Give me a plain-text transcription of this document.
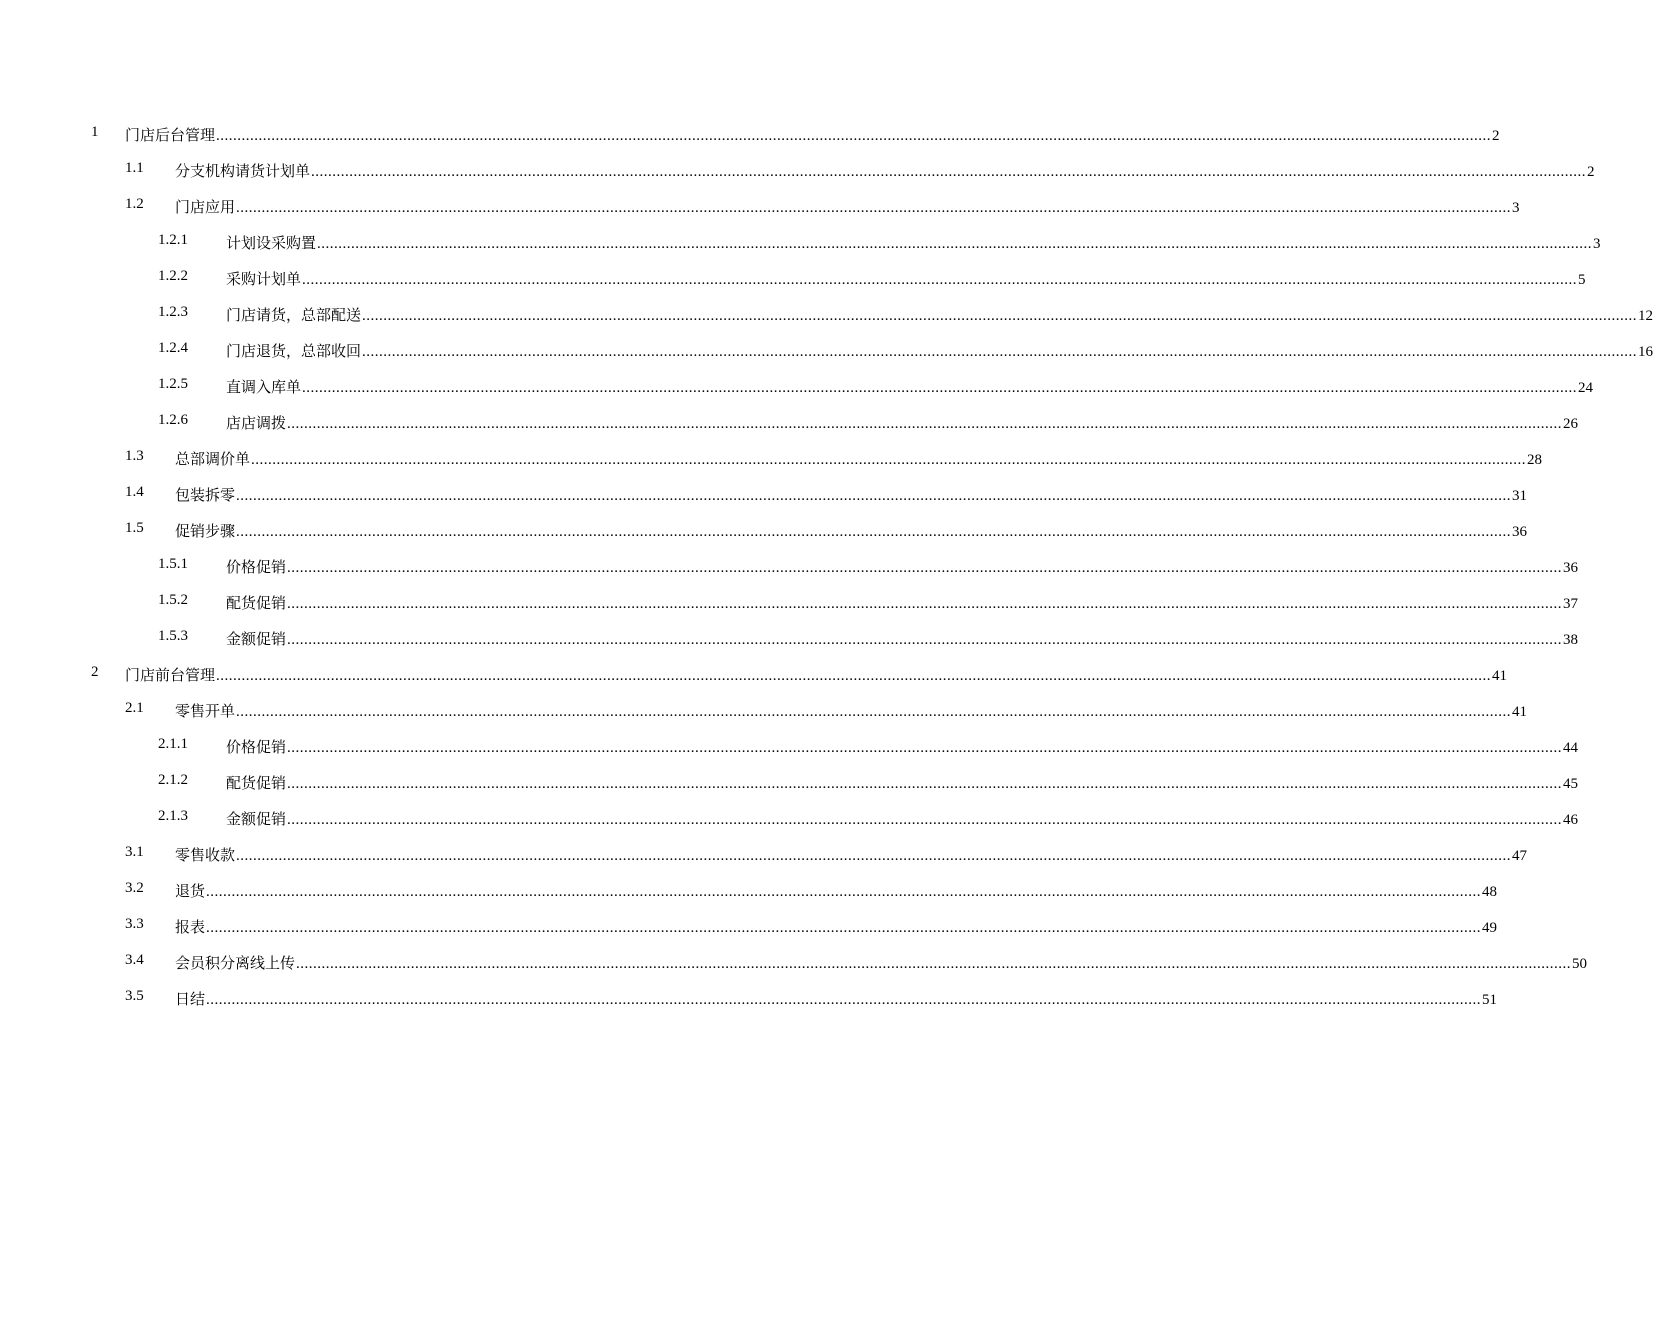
1 门店后台管理 ............................................................................................................................................................................................................................................................................................................ 2
1.1 分支机构请货计划单 ............................................................................................................................................................................................................................................................................................................ 2
1.2 门店应用 ............................................................................................................................................................................................................................................................................................................ 3
1.2.1	计划设采购置 ............................................................................................................................................................................................................................................................................................................ 3
1.2.2	采购计划单 ............................................................................................................................................................................................................................................................................................................ 5
1.2.3	门店请货，总部配送 ............................................................................................................................................................................................................................................................................................................ 12
1.2.4	门店退货，总部收回 ............................................................................................................................................................................................................................................................................................................ 16
1.2.5	直调入库单 ............................................................................................................................................................................................................................................................................................................ 24
1.2.6	店店调拨 ............................................................................................................................................................................................................................................................................................................ 26
1.3 总部调价单 ............................................................................................................................................................................................................................................................................................................ 28
1.4 包装拆零 ............................................................................................................................................................................................................................................................................................................ 31
1.5 促销步骤 ............................................................................................................................................................................................................................................................................................................ 36
1.5.1	价格促销 ............................................................................................................................................................................................................................................................................................................ 36
1.5.2	配货促销 ............................................................................................................................................................................................................................................................................................................ 37
1.5.3	金额促销 ............................................................................................................................................................................................................................................................................................................ 38
2 门店前台管理 ............................................................................................................................................................................................................................................................................................................ 41
2.1 零售开单 ............................................................................................................................................................................................................................................................................................................ 41
2.1.1	价格促销 ............................................................................................................................................................................................................................................................................................................ 44
2.1.2	配货促销 ............................................................................................................................................................................................................................................................................................................ 45
2.1.3	金额促销 ............................................................................................................................................................................................................................................................................................................ 46
3.1 零售收款 ............................................................................................................................................................................................................................................................................................................ 47
3.2 退货 ............................................................................................................................................................................................................................................................................................................ 48
3.3 报表 ............................................................................................................................................................................................................................................................................................................ 49
3.4 会员积分离线上传 ............................................................................................................................................................................................................................................................................................................ 50
3.5 日结 ............................................................................................................................................................................................................................................................................................................ 51
